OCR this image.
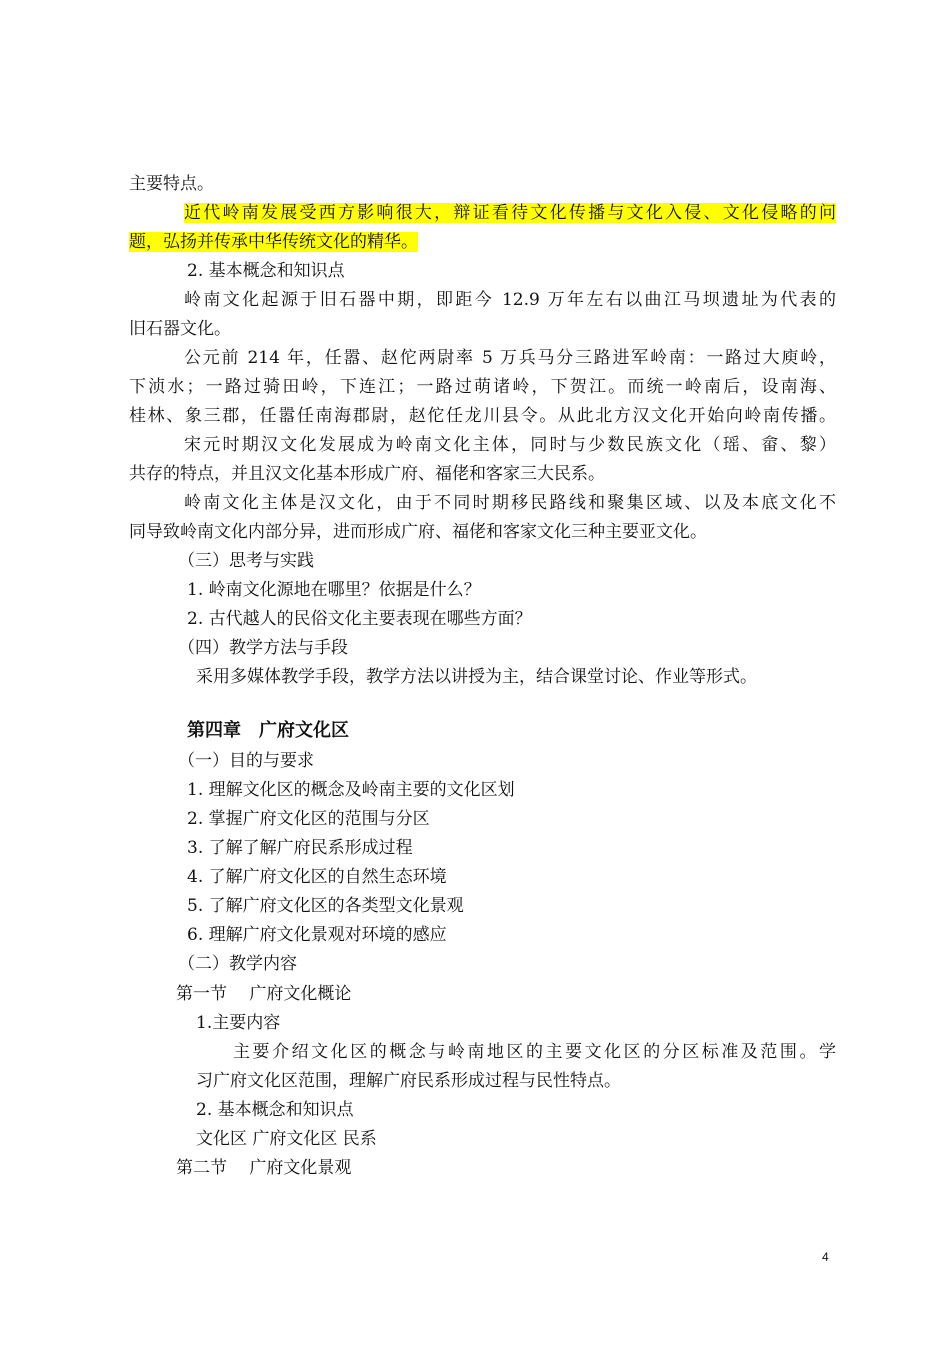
主要特点。
近代岭南发展受西方影响很大，辩证看待文化传播与文化入侵、文化侵略的问
题，弘扬并传承中华传统文化的精华。
2. 基本概念和知识点
岭南文化起源于旧石器中期，即距今 12.9 万年左右以曲江马坝遗址为代表的
旧石器文化。
公元前 214 年，任嚣、赵佗两尉率 5 万兵马分三路进军岭南：一路过大庾岭，
下浈水；一路过骑田岭，下连江；一路过萌诸岭，下贺江。而统一岭南后，设南海、
桂林、象三郡，任嚣任南海郡尉，赵佗任龙川县令。从此北方汉文化开始向岭南传播。
宋元时期汉文化发展成为岭南文化主体，同时与少数民族文化（瑶、畲、黎）
共存的特点，并且汉文化基本形成广府、福佬和客家三大民系。
岭南文化主体是汉文化，由于不同时期移民路线和聚集区域、以及本底文化不
同导致岭南文化内部分异，进而形成广府、福佬和客家文化三种主要亚文化。
（三）思考与实践
1. 岭南文化源地在哪里？依据是什么？
2. 古代越人的民俗文化主要表现在哪些方面？
（四）教学方法与手段
采用多媒体教学手段，教学方法以讲授为主，结合课堂讨论、作业等形式。
第四章　广府文化区
（一）目的与要求
1. 理解文化区的概念及岭南主要的文化区划
2. 掌握广府文化区的范围与分区
3. 了解了解广府民系形成过程
4. 了解广府文化区的自然生态环境
5. 了解广府文化区的各类型文化景观
6. 理解广府文化景观对环境的感应
（二）教学内容
第一节　 广府文化概论
1.主要内容
主要介绍文化区的概念与岭南地区的主要文化区的分区标准及范围。学
习广府文化区范围，理解广府民系形成过程与民性特点。
2. 基本概念和知识点
文化区 广府文化区 民系
第二节　 广府文化景观
4
